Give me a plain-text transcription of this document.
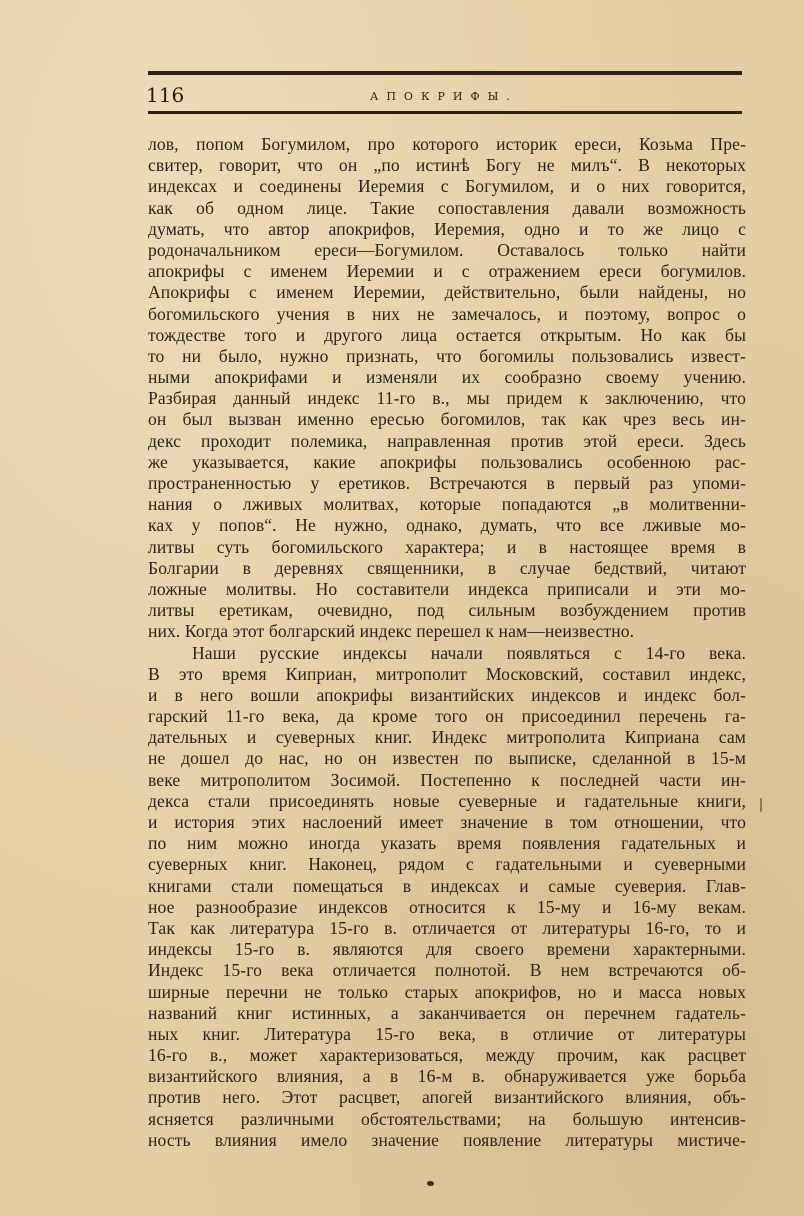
116	АПОКРИФЫ.
лов, попом Богумилом, про которого историк ереси, Козьма Пре-
свитер, говорит, что он „по истинѣ Богу не милъ“. В некоторых
индексах и соединены Иеремия с Богумилом, и о них говорится,
как об одном лице. Такие сопоставления давали возможность
думать, что автор апокрифов, Иеремия, одно и то же лицо с
родоначальником ереси—Богумилом. Оставалось только найти
апокрифы с именем Иеремии и с отражением ереси богумилов.
Апокрифы с именем Иеремии, действительно, были найдены, но
богомильского учения в них не замечалось, и поэтому, вопрос о
тождестве того и другого лица остается открытым. Но как бы
то ни было, нужно признать, что богомилы пользовались извест-
ными апокрифами и изменяли их сообразно своему учению.
Разбирая данный индекс 11-го в., мы придем к заключению, что
он был вызван именно ересью богомилов, так как чрез весь ин-
декс проходит полемика, направленная против этой ереси. Здесь
же указывается, какие апокрифы пользовались особенною рас-
пространенностью у еретиков. Встречаются в первый раз упоми-
нания о лживых молитвах, которые попадаются „в молитвенни-
ках у попов“. Не нужно, однако, думать, что все лживые мо-
литвы суть богомильского характера; и в настоящее время в
Болгарии в деревнях священники, в случае бедствий, читают
ложные молитвы. Но составители индекса приписали и эти мо-
литвы еретикам, очевидно, под сильным возбуждением против
них. Когда этот болгарский индекс перешел к нам—неизвестно.
Наши русские индексы начали появляться с 14-го века.
В это время Киприан, митрополит Московский, составил индекс,
и в него вошли апокрифы византийских индексов и индекс бол-
гарский 11-го века, да кроме того он присоединил перечень га-
дательных и суеверных книг. Индекс митрополита Киприана сам
не дошел до нас, но он известен по выписке, сделанной в 15-м
веке митрополитом Зосимой. Постепенно к последней части ин-
декса стали присоединять новые суеверные и гадательные книги,
и история этих наслоений имеет значение в том отношении, что
по ним можно иногда указать время появления гадательных и
суеверных книг. Наконец, рядом с гадательными и суеверными
книгами стали помещаться в индексах и самые суеверия. Глав-
ное разнообразие индексов относится к 15-му и 16-му векам.
Так как литература 15-го в. отличается от литературы 16-го, то и
индексы 15-го в. являются для своего времени характерными.
Индекс 15-го века отличается полнотой. В нем встречаются об-
ширные перечни не только старых апокрифов, но и масса новых
названий книг истинных, а заканчивается он перечнем гадатель-
ных книг. Литература 15-го века, в отличие от литературы
16-го в., может характеризоваться, между прочим, как расцвет
византийского влияния, а в 16-м в. обнаруживается уже борьба
против него. Этот расцвет, апогей византийского влияния, объ-
ясняется различными обстоятельствами; на большую интенсив-
ность влияния имело значение появление литературы мистиче-
